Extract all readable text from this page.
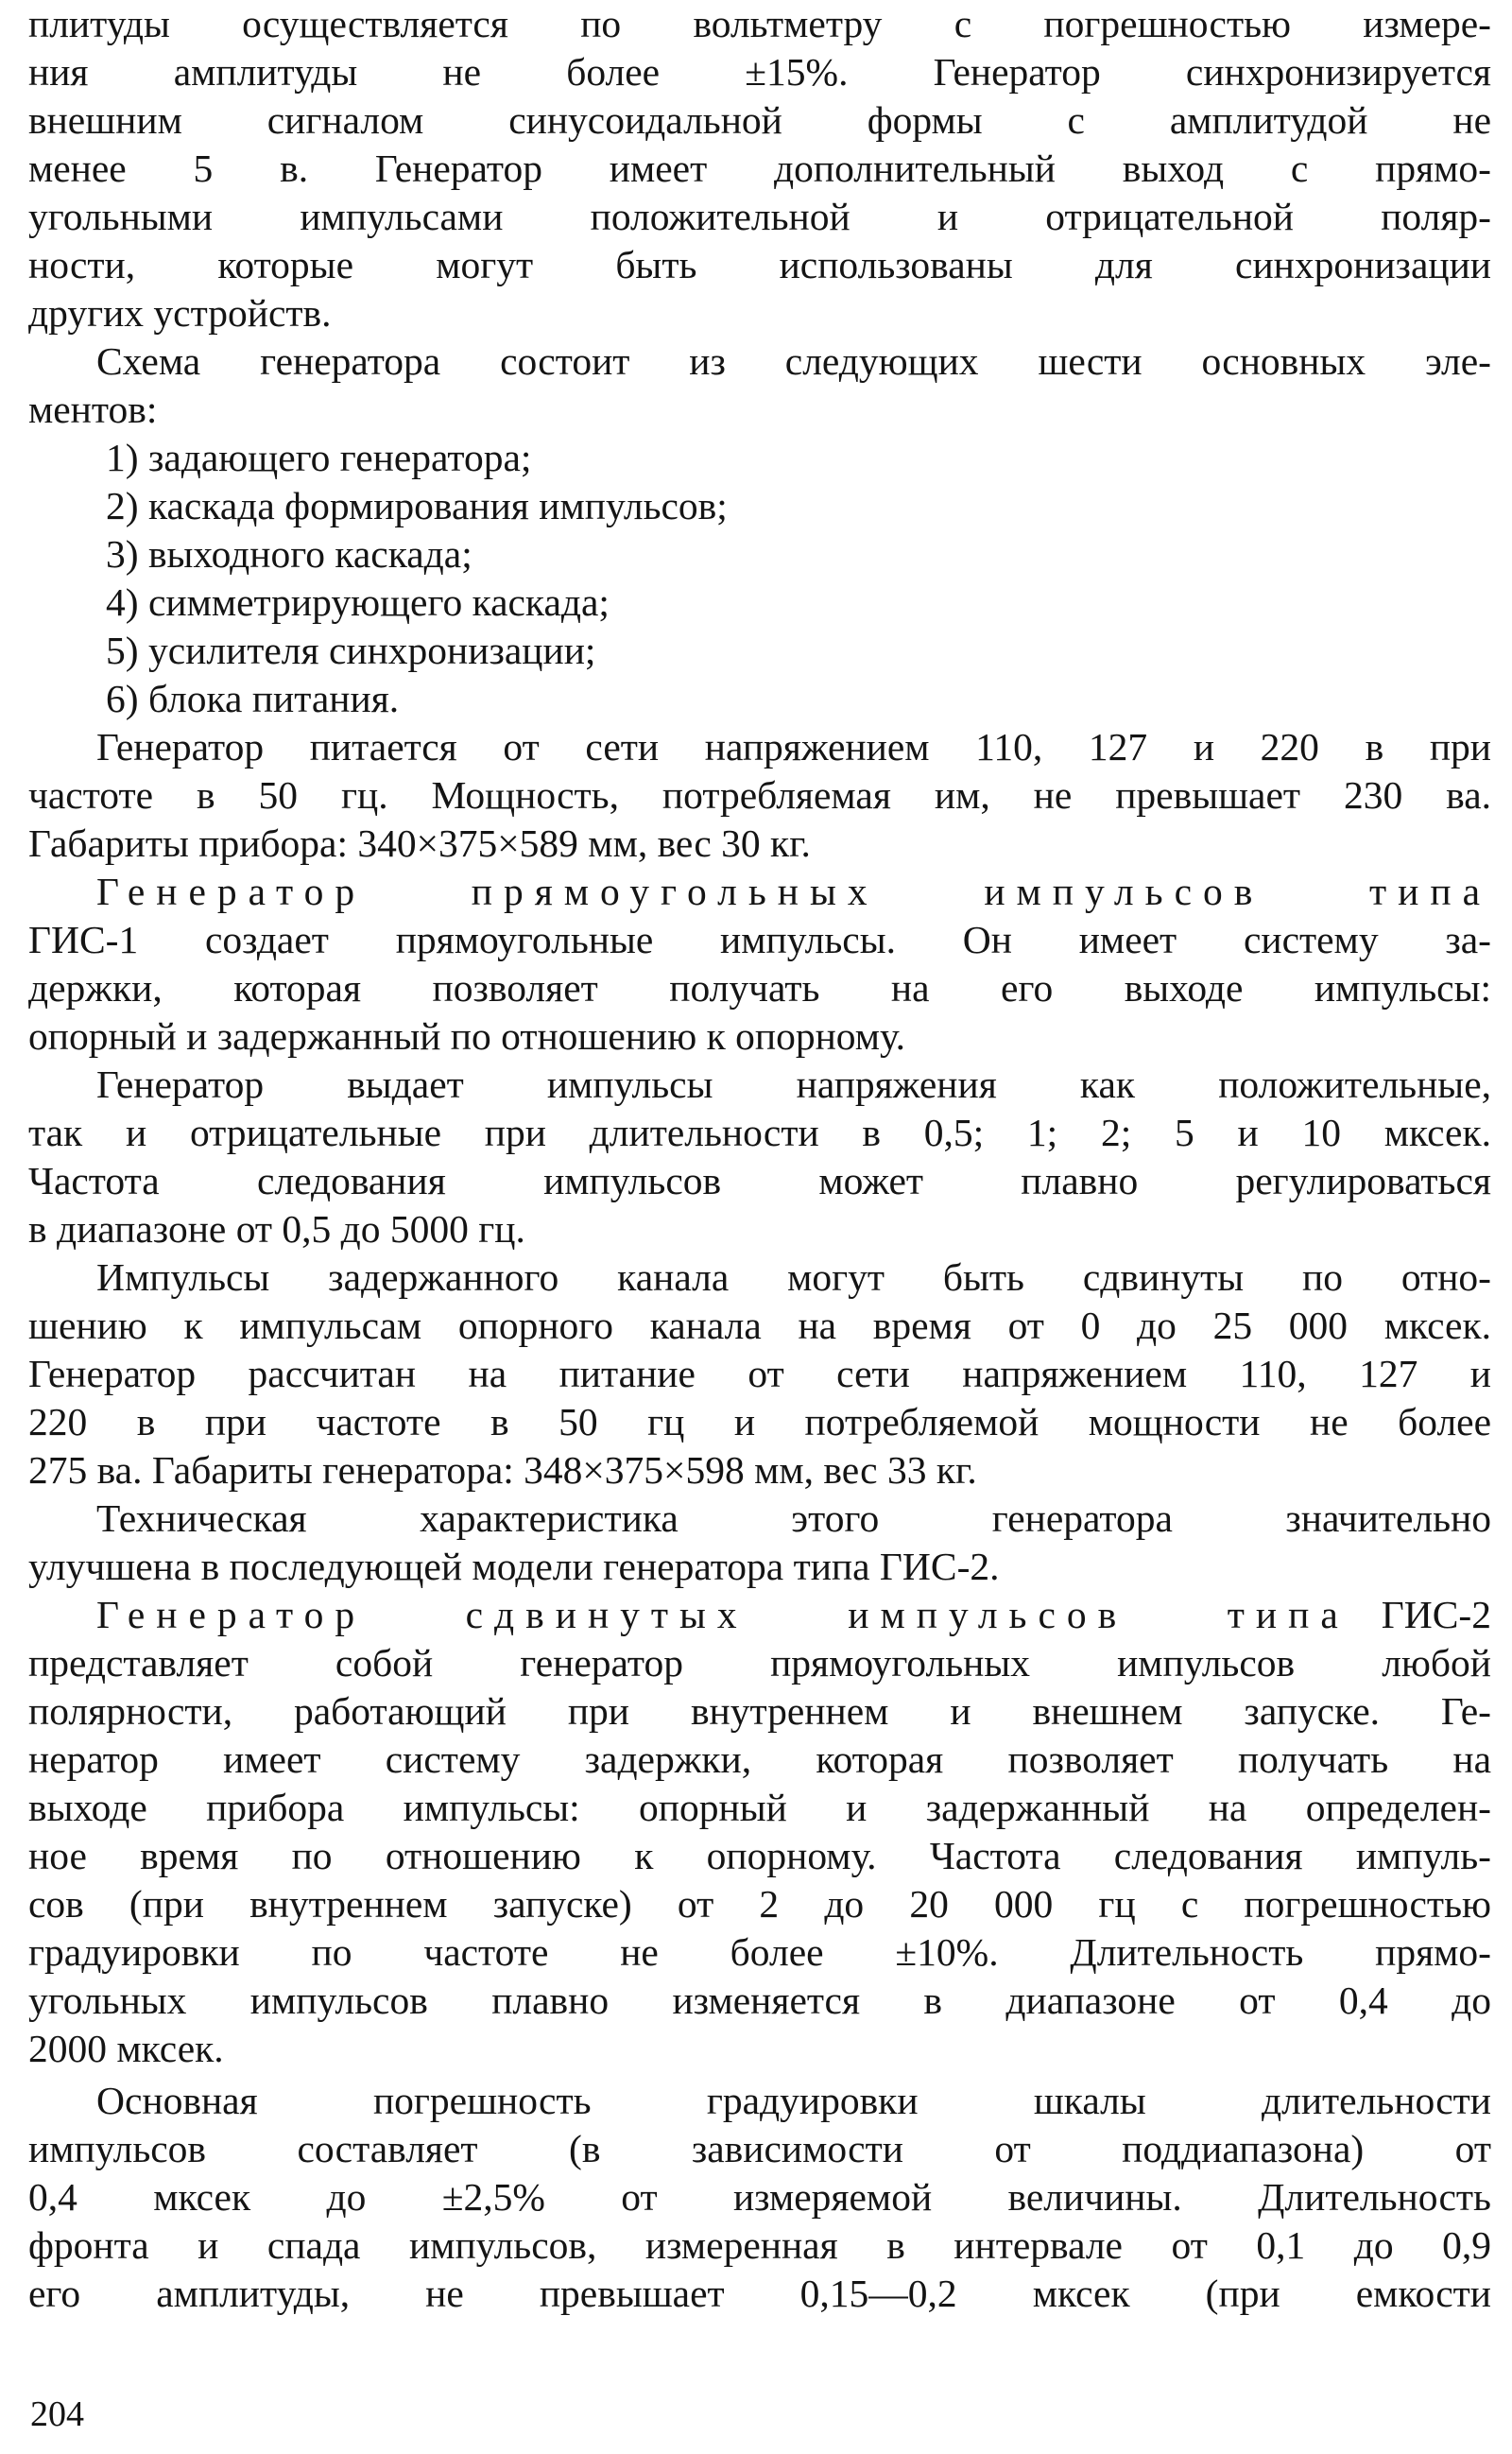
плитуды осуществляется по вольтметру с погрешностью измере-
ния амплитуды не более ±15%. Генератор синхронизируется
внешним сигналом синусоидальной формы с амплитудой не
менее 5 в. Генератор имеет дополнительный выход с прямо-
угольными импульсами положительной и отрицательной поляр-
ности, которые могут быть использованы для синхронизации
других устройств.
Схема генератора состоит из следующих шести основных эле-
ментов:
1) задающего генератора;
2) каскада формирования импульсов;
3) выходного каскада;
4) симметрирующего каскада;
5) усилителя синхронизации;
6) блока питания.
Генератор питается от сети напряжением 110, 127 и 220 в при
частоте в 50 гц. Мощность, потребляемая им, не превышает 230 ва.
Габариты прибора: 340×375×589 мм, вес 30 кг.
Генератор прямоугольных импульсов типа
ГИС-1 создает прямоугольные импульсы. Он имеет систему за-
держки, которая позволяет получать на его выходе импульсы:
опорный и задержанный по отношению к опорному.
Генератор выдает импульсы напряжения как положительные,
так и отрицательные при длительности в 0,5; 1; 2; 5 и 10 мксек.
Частота следования импульсов может плавно регулироваться
в диапазоне от 0,5 до 5000 гц.
Импульсы задержанного канала могут быть сдвинуты по отно-
шению к импульсам опорного канала на время от 0 до 25 000 мксек.
Генератор рассчитан на питание от сети напряжением 110, 127 и
220 в при частоте в 50 гц и потребляемой мощности не более
275 ва. Габариты генератора: 348×375×598 мм, вес 33 кг.
Техническая характеристика этого генератора значительно
улучшена в последующей модели генератора типа ГИС-2.
Генератор сдвинутых импульсов типа ГИС-2
представляет собой генератор прямоугольных импульсов любой
полярности, работающий при внутреннем и внешнем запуске. Ге-
нератор имеет систему задержки, которая позволяет получать на
выходе прибора импульсы: опорный и задержанный на определен-
ное время по отношению к опорному. Частота следования импуль-
сов (при внутреннем запуске) от 2 до 20 000 гц с погрешностью
градуировки по частоте не более ±10%. Длительность прямо-
угольных импульсов плавно изменяется в диапазоне от 0,4 до
2000 мксек.
Основная погрешность градуировки шкалы длительности
импульсов составляет (в зависимости от поддиапазона) от
0,4 мксек до ±2,5% от измеряемой величины. Длительность
фронта и спада импульсов, измеренная в интервале от 0,1 до 0,9
его амплитуды, не превышает 0,15—0,2 мксек (при емкости
204
